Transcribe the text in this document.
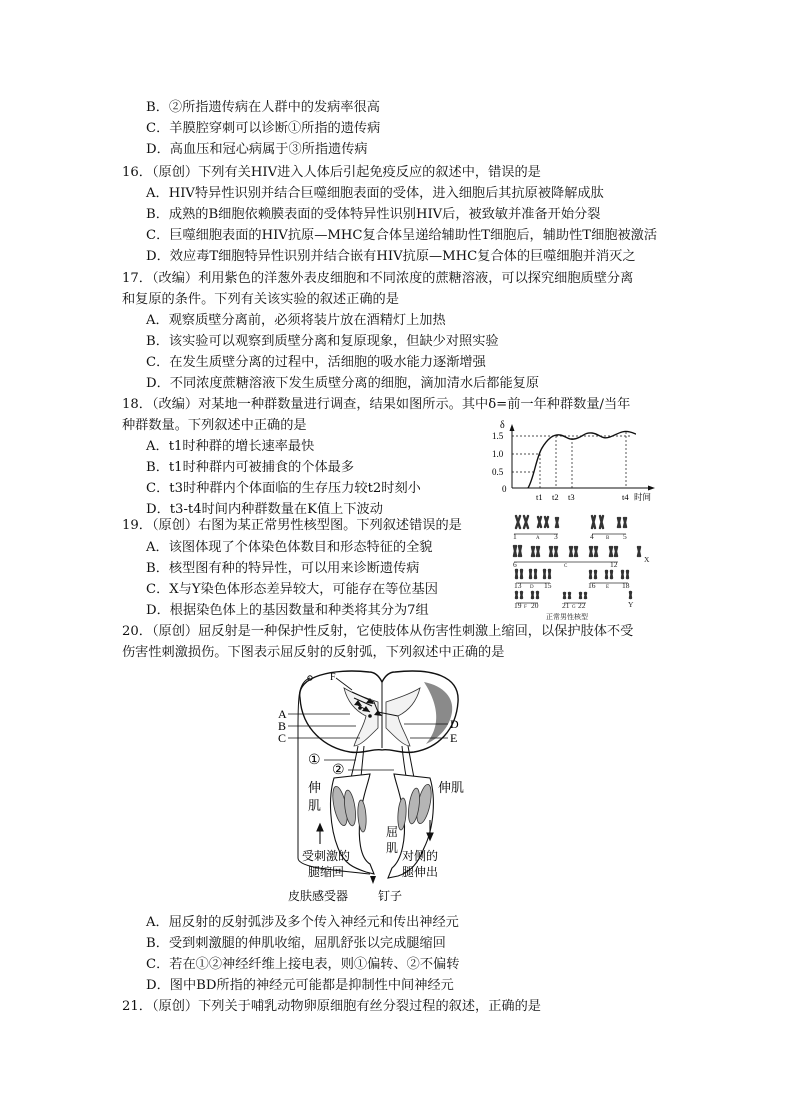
B．②所指遗传病在人群中的发病率很高
C．羊膜腔穿刺可以诊断①所指的遗传病
D．高血压和冠心病属于③所指遗传病
16．（原创）下列有关HIV进入人体后引起免疫反应的叙述中，错误的是
A．HIV特异性识别并结合巨噬细胞表面的受体，进入细胞后其抗原被降解成肽
B．成熟的B细胞依赖膜表面的受体特异性识别HIV后，被致敏并准备开始分裂
C．巨噬细胞表面的HIV抗原—MHC复合体呈递给辅助性T细胞后，辅助性T细胞被激活
D．效应毒T细胞特异性识别并结合嵌有HIV抗原—MHC复合体的巨噬细胞并消灭之
17．（改编）利用紫色的洋葱外表皮细胞和不同浓度的蔗糖溶液，可以探究细胞质壁分离
和复原的条件。下列有关该实验的叙述正确的是
A．观察质壁分离前，必须将装片放在酒精灯上加热
B．该实验可以观察到质壁分离和复原现象，但缺少对照实验
C．在发生质壁分离的过程中，活细胞的吸水能力逐渐增强
D．不同浓度蔗糖溶液下发生质壁分离的细胞，滴加清水后都能复原
18．（改编）对某地一种群数量进行调查，结果如图所示。其中δ=前一年种群数量/当年
种群数量。下列叙述中正确的是
A．t1时种群的增长速率最快
B．t1时种群内可被捕食的个体最多
C．t3时种群内个体面临的生存压力较t2时刻小
D．t3-t4时间内种群数量在K值上下波动
δ
1.5
1.0
0.5
0
t1 t2 t3	t4 时间
19．（原创）右图为某正常男性核型图。下列叙述错误的是
A．该图体现了个体染色体数目和形态特征的全貌
B．核型图有种的特异性，可以用来诊断遗传病
C．X与Y染色体形态差异较大，可能存在等位基因
D．根据染色体上的基因数量和种类将其分为7组
1	A 3	4 B 5
6	C	12
X
13 D 15	16 E 18
19 F 20	21 G 22	Y
正常男性核型
20．（原创）屈反射是一种保护性反射，它使肢体从伤害性刺激上缩回，以保护肢体不受
伤害性刺激损伤。下图表示屈反射的反射弧，下列叙述中正确的是
A
B
C
D
E
F
①
②
伸
肌
伸肌
屈
肌
受刺激的
腿缩回
对侧的
腿伸出
皮肤感受器 钉子
A．屈反射的反射弧涉及多个传入神经元和传出神经元
B．受到刺激腿的伸肌收缩，屈肌舒张以完成腿缩回
C．若在①②神经纤维上接电表，则①偏转、②不偏转
D．图中BD所指的神经元可能都是抑制性中间神经元
21．（原创）下列关于哺乳动物卵原细胞有丝分裂过程的叙述，正确的是
